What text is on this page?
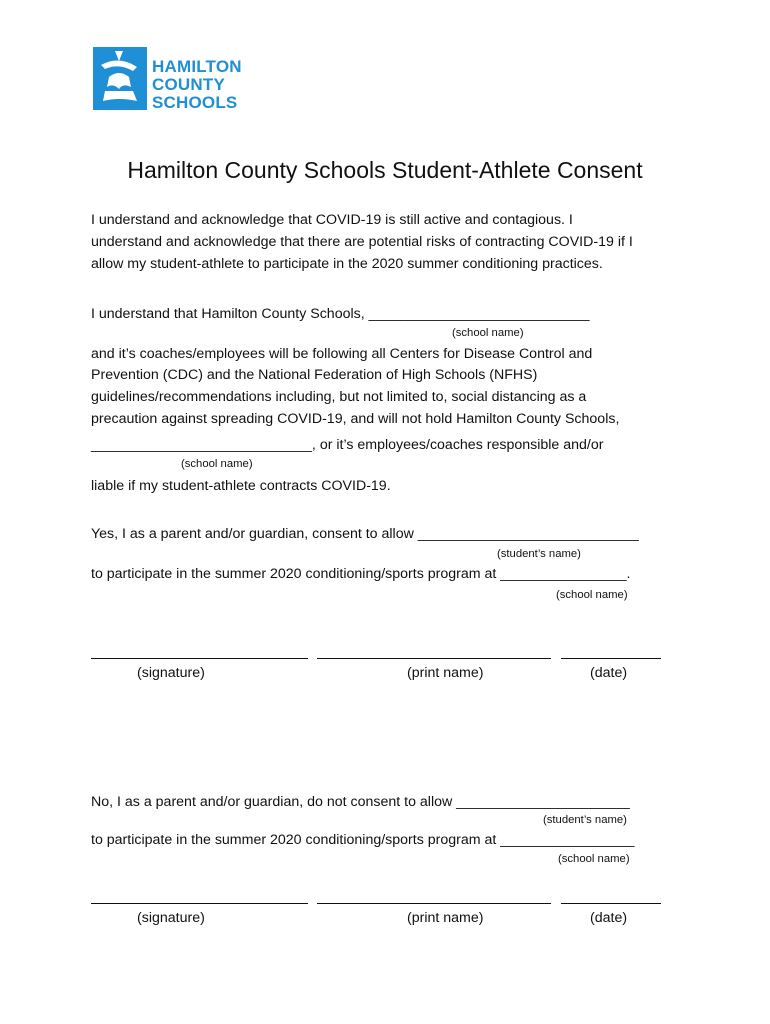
HAMILTON
COUNTY
SCHOOLS
Hamilton County Schools Student-Athlete Consent
I understand and acknowledge that COVID-19 is still active and contagious. I
understand and acknowledge that there are potential risks of contracting COVID-19 if I
allow my student-athlete to participate in the 2020 summer conditioning practices.
I understand that Hamilton County Schools, ____________________________
(school name)
and it’s coaches/employees will be following all Centers for Disease Control and
Prevention (CDC) and the National Federation of High Schools (NFHS)
guidelines/recommendations including, but not limited to, social distancing as a
precaution against spreading COVID-19, and will not hold Hamilton County Schools,
____________________________, or it’s employees/coaches responsible and/or
(school name)
liable if my student-athlete contracts COVID-19.
Yes, I as a parent and/or guardian, consent to allow ____________________________
(student’s name)
to participate in the summer 2020 conditioning/sports program at ________________.
(school name)
(signature)	(print name)	(date)
No, I as a parent and/or guardian, do not consent to allow ______________________
(student’s name)
to participate in the summer 2020 conditioning/sports program at _________________
(school name)
(signature)	(print name)	(date)
